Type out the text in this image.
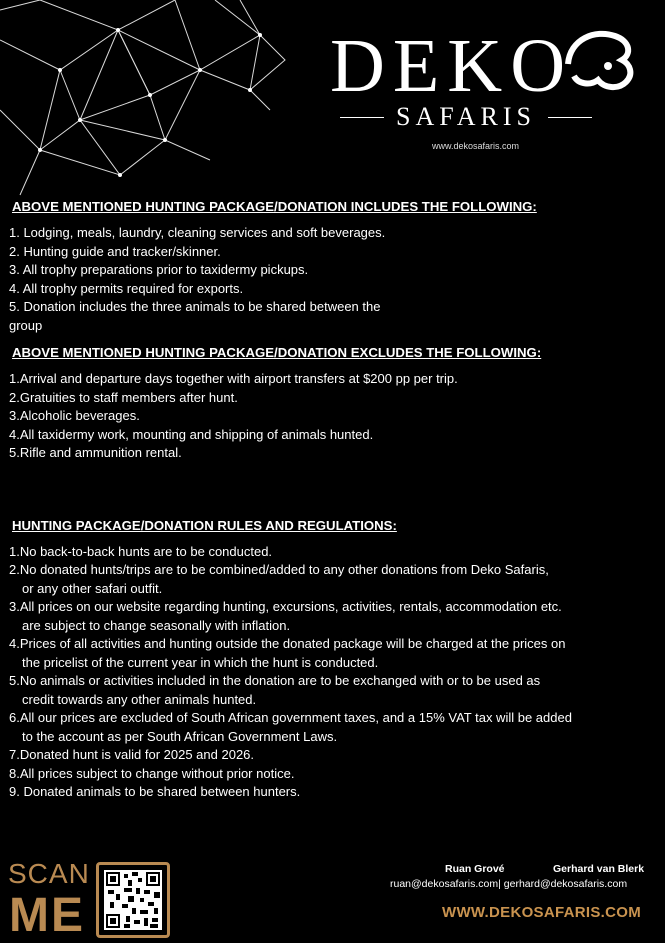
DEKO
SAFARIS
www.dekosafaris.com
ABOVE MENTIONED HUNTING PACKAGE/DONATION INCLUDES THE FOLLOWING:
1. Lodging, meals, laundry, cleaning services and soft beverages.
2. Hunting guide and tracker/skinner.
3. All trophy preparations prior to taxidermy pickups.
4. All trophy permits required for exports.
5. Donation includes the three animals to be shared between the
group
ABOVE MENTIONED HUNTING PACKAGE/DONATION EXCLUDES THE FOLLOWING:
1.Arrival and departure days together with airport transfers at $200 pp per trip.
2.Gratuities to staff members after hunt.
3.Alcoholic beverages.
4.All taxidermy work, mounting and shipping of animals hunted.
5.Rifle and ammunition rental.
HUNTING PACKAGE/DONATION RULES AND REGULATIONS:
1.No back-to-back hunts are to be conducted.
2.No donated hunts/trips are to be combined/added to any other donations from Deko Safaris,
or any other safari outfit.
3.All prices on our website regarding hunting, excursions, activities, rentals, accommodation etc.
are subject to change seasonally with inflation.
4.Prices of all activities and hunting outside the donated package will be charged at the prices on
the pricelist of the current year in which the hunt is conducted.
5.No animals or activities included in the donation are to be exchanged with or to be used as
credit towards any other animals hunted.
6.All our prices are excluded of South African government taxes, and a 15% VAT tax will be added
to the account as per South African Government Laws.
7.Donated hunt is valid for 2025 and 2026.
8.All prices subject to change without prior notice.
9. Donated animals to be shared between hunters.
SCAN
ME
Ruan Grové	Gerhard van Blerk
ruan@dekosafaris.com| gerhard@dekosafaris.com
WWW.DEKOSAFARIS.COM
